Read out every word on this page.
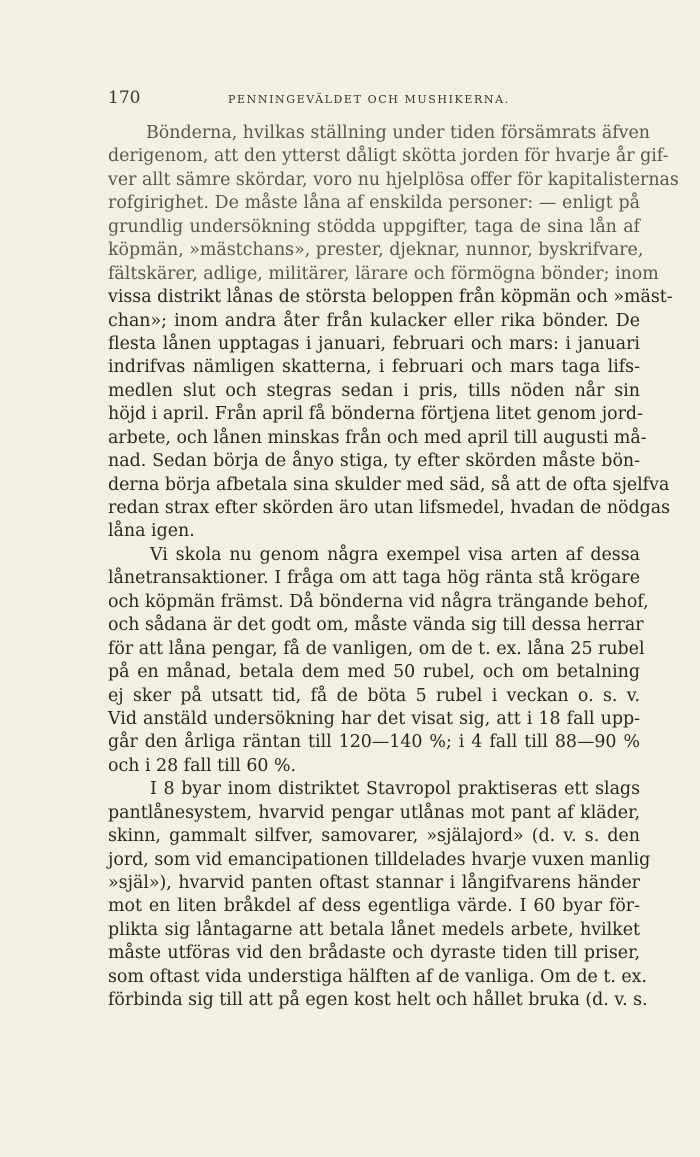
170	PENNINGEVÄLDET OCH MUSHIKERNA.
Bönderna, hvilkas ställning under tiden försämrats äfven
derigenom, att den ytterst dåligt skötta jorden för hvarje år gif-
ver allt sämre skördar, voro nu hjelplösa offer för kapitalisternas
rofgirighet. De måste låna af enskilda personer: — enligt på
grundlig undersökning stödda uppgifter, taga de sina lån af
köpmän, »mästchans», prester, djeknar, nunnor, byskrifvare,
fältskärer, adlige, militärer, lärare och förmögna bönder; inom
vissa distrikt lånas de största beloppen från köpmän och »mäst-
chan»; inom andra åter från kulacker eller rika bönder. De
flesta lånen upptagas i januari, februari och mars: i januari
indrifvas nämligen skatterna, i februari och mars taga lifs-
medlen slut och stegras sedan i pris, tills nöden når sin
höjd i april. Från april få bönderna förtjena litet genom jord-
arbete, och lånen minskas från och med april till augusti må-
nad. Sedan börja de ånyo stiga, ty efter skörden måste bön-
derna börja afbetala sina skulder med säd, så att de ofta sjelfva
redan strax efter skörden äro utan lifsmedel, hvadan de nödgas
låna igen.
Vi skola nu genom några exempel visa arten af dessa
lånetransaktioner. I fråga om att taga hög ränta stå krögare
och köpmän främst. Då bönderna vid några trängande behof,
och sådana är det godt om, måste vända sig till dessa herrar
för att låna pengar, få de vanligen, om de t. ex. låna 25 rubel
på en månad, betala dem med 50 rubel, och om betalning
ej sker på utsatt tid, få de böta 5 rubel i veckan o. s. v.
Vid anstäld undersökning har det visat sig, att i 18 fall upp-
går den årliga räntan till 120—140 %; i 4 fall till 88—90 %
och i 28 fall till 60 %.
I 8 byar inom distriktet Stavropol praktiseras ett slags
pantlånesystem, hvarvid pengar utlånas mot pant af kläder,
skinn, gammalt silfver, samovarer, »själajord» (d. v. s. den
jord, som vid emancipationen tilldelades hvarje vuxen manlig
»själ»), hvarvid panten oftast stannar i långifvarens händer
mot en liten bråkdel af dess egentliga värde. I 60 byar för-
plikta sig låntagarne att betala lånet medels arbete, hvilket
måste utföras vid den brådaste och dyraste tiden till priser,
som oftast vida understiga hälften af de vanliga. Om de t. ex.
förbinda sig till att på egen kost helt och hållet bruka (d. v. s.
